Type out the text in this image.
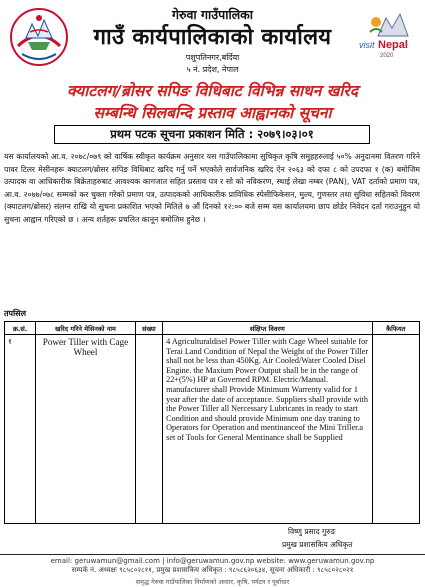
visit Nepal
2020
गेरुवा गाउँपालिका
गाउँ कार्यपालिकाको कार्यालय
पशुपतिनगर,बर्दिया
५ नं. प्रदेश, नेपाल
क्याटलग/ब्रोसर सपिङ विधिबाट विभिन्न साधन खरिद
सम्बन्धि सिलबन्दि प्रस्ताव आह्वानको सूचना
प्रथम पटक सूचना प्रकाशन मिति : २०७९।०३।०१
यस कार्यालयको आ.व. २०७८/०७९ को वार्षिक स्वीकृत कार्यक्रम अनुसार यस गाउँपालिकामा सुचिकृत कृषि समुहहरुलाई ५०% अनुदानमा वितरण गरिने पावर टिलर मेसीनहरू क्याटलग/ब्रोसर सपिङ विधिबाट खरिद गर्नु पर्ने भएकोले सार्वजनिक खरिद ऐन २०६३ को दफा ८ को उपदफा १ (क) बमोजिम उत्पादक वा आधिकारीक बिक्रेताहरुबाट आवश्यक कागजात सहित प्रस्ताव पत्र र सो को नविकरण, स्थाई लेखा नम्बर (PAN), VAT दर्ताको प्रमाण पत्र, आ.व. २०७७/०७८ सम्मको कर चुक्ता गरेको प्रमाण पत्र, उत्पादकको आधिकारीक प्राविधिक स्पेसीफिकेसन, मुल्य, गुणस्तर तथा सुविधा सहितको विवरण (क्याटलग/ब्रोसर) संलग्न राखि यो सुचना प्रकाशित भएको मितिले ७ औं दिनको १२:०० बजे सम्म यस कार्यालयमा छाप छोडेर निवेदन दर्ता गराउनुहुन यो सुचना आह्वान गरिएको छ । अन्य शर्तहरू प्रचलित कानून बमोजिम हुनेछ ।
तपसिल
क्र.सं.	खरिद गरिने मेसिनको नाम	संख्या	संक्षिप्त विवरण	कैफियत
१	Power Tiller with Cage Wheel		4 Agriculturaldisel Power Tiller with Cage Wheel suitable for Terai Land Condition of Nepal the Weight of the Power Tiller shall not be less than 450Kg. Air Cooled/Water Cooled Disel Engine. the Maxium Power Output shall be in the range of 22+(5%) HP at Governed RPM. Electric/Manual. manufacturer shall Provide Minimum Warrenty valid for 1 year after the date of acceptance. Suppliers shall provide with the Power Tiller all Nercessary Lubricants in ready to start Condition and should provide Minimum one day traning to Operators for Operation and mentinanceof the Mini Triller.a set of Tools for General Mentinance shall be Supplied	
विष्णु प्रसाद गुरुङ
प्रमुख प्रशासकिय अधिकृत
email: geruwamun@gmail.com | info@geruwamun.gov.np website: www.geruwamun.gov.np
सम्पर्क नं. अध्यक्षः ९८५८०२८११, प्रमुख प्रशासकिय अधिकृत : ९८५८६२०६३४, सूचना अधिकारी : ९८५८०२८०२१
समृद्ध गेरुवा गाउँपालिका निर्माणको आधार, कृषि, पर्यटन र पूर्वाधार
